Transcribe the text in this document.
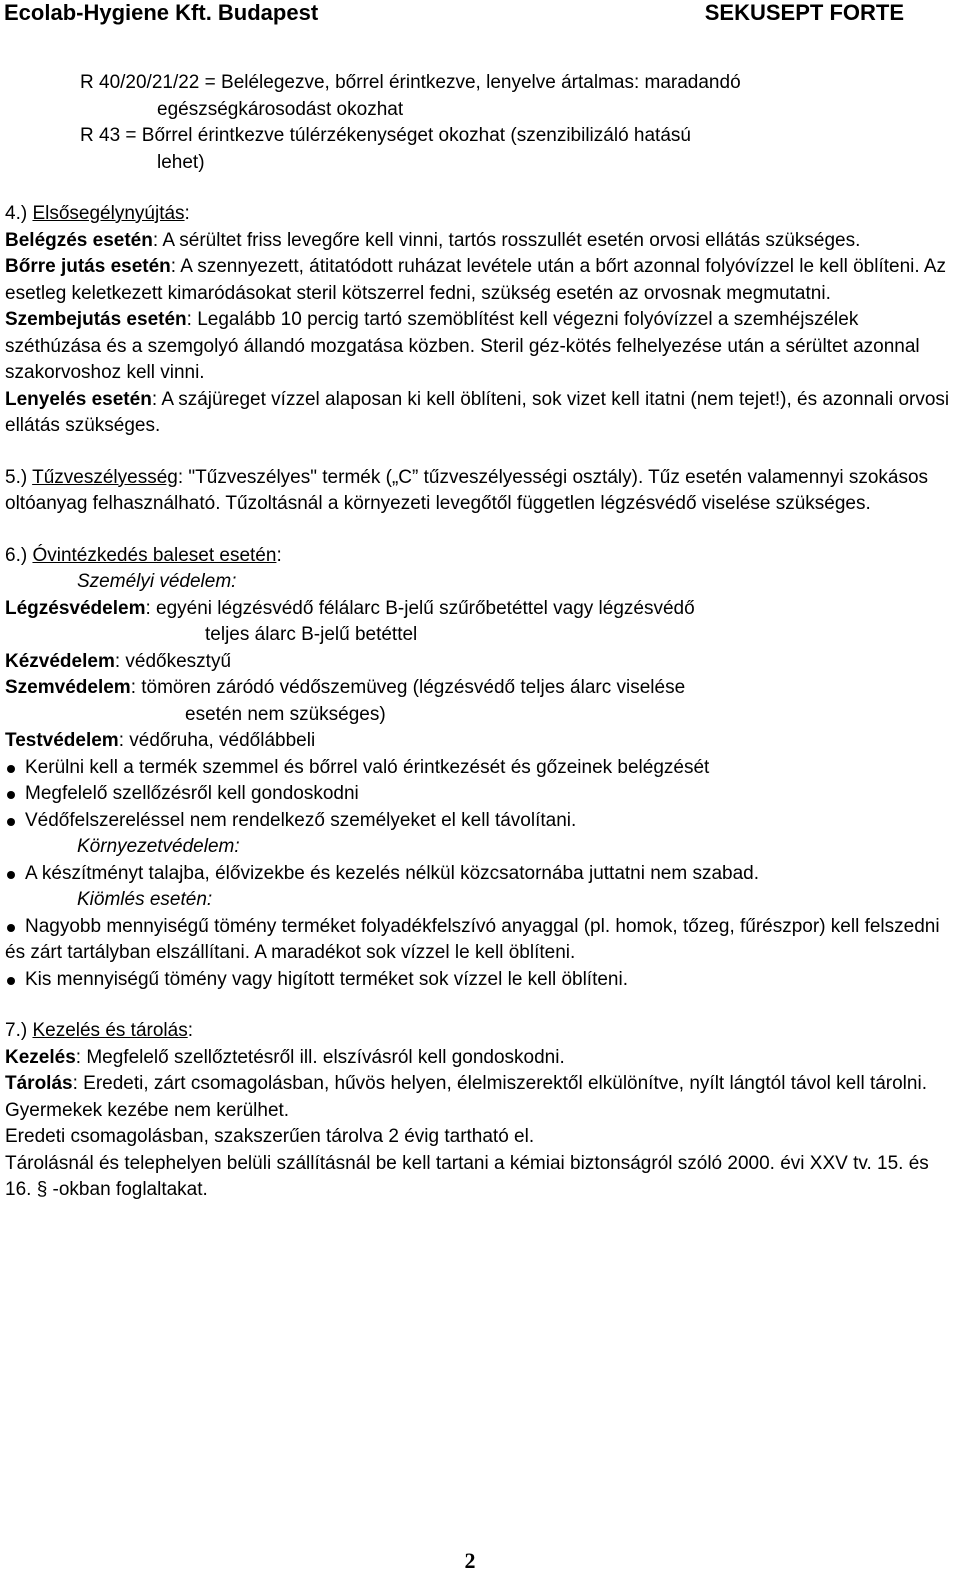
Ecolab-Hygiene Kft. Budapest	SEKUSEPT FORTE

R 40/20/21/22 = Belélegezve, bőrrel érintkezve, lenyelve ártalmas: maradandó

egészségkárosodást okozhat

R 43 = Bőrrel érintkezve túlérzékenységet okozhat (szenzibilizáló hatású

lehet)

4.) Elsősegélynyújtás:

Belégzés esetén: A sérültet friss levegőre kell vinni, tartós rosszullét esetén orvosi ellátás szükséges.

Bőrre jutás esetén: A szennyezett, átitatódott ruházat levétele után a bőrt azonnal folyóvízzel le kell öblíteni. Az esetleg keletkezett kimaródásokat steril kötszerrel fedni, szükség esetén az orvosnak megmutatni.

Szembejutás esetén: Legalább 10 percig tartó szemöblítést kell végezni folyóvízzel a szemhéjszélek széthúzása és a szemgolyó állandó mozgatása közben. Steril géz-kötés felhelyezése után a sérültet azonnal szakorvoshoz kell vinni.

Lenyelés esetén: A szájüreget vízzel alaposan ki kell öblíteni, sok vizet kell itatni (nem tejet!), és azonnali orvosi ellátás szükséges.

5.) Tűzveszélyesség: "Tűzveszélyes" termék („C” tűzveszélyességi osztály). Tűz esetén valamennyi szokásos oltóanyag felhasználható. Tűzoltásnál a környezeti levegőtől független légzésvédő viselése szükséges.

6.) Óvintézkedés baleset esetén:

Személyi védelem:

Légzésvédelem: egyéni légzésvédő félálarc B-jelű szűrőbetéttel vagy légzésvédő

teljes álarc B-jelű betéttel

Kézvédelem: védőkesztyű

Szemvédelem: tömören záródó védőszemüveg (légzésvédő teljes álarc viselése

esetén nem szükséges)

Testvédelem: védőruha, védőlábbeli

Kerülni kell a termék szemmel és bőrrel való érintkezését és gőzeinek belégzését

Megfelelő szellőzésről kell gondoskodni

Védőfelszereléssel nem rendelkező személyeket el kell távolítani.

Környezetvédelem:

A készítményt talajba, élővizekbe és kezelés nélkül közcsatornába juttatni nem szabad.

Kiömlés esetén:

Nagyobb mennyiségű tömény terméket folyadékfelszívó anyaggal (pl. homok, tőzeg, fűrészpor) kell felszedni és zárt tartályban elszállítani. A maradékot sok vízzel le kell öblíteni.

Kis mennyiségű tömény vagy higított terméket sok vízzel le kell öblíteni.

7.) Kezelés és tárolás:

Kezelés: Megfelelő szellőztetésről ill. elszívásról kell gondoskodni.

Tárolás: Eredeti, zárt csomagolásban, hűvös helyen, élelmiszerektől elkülönítve, nyílt lángtól távol kell tárolni. Gyermekek kezébe nem kerülhet.

Eredeti csomagolásban, szakszerűen tárolva 2 évig tartható el.

Tárolásnál és telephelyen belüli szállításnál be kell tartani a kémiai biztonságról szóló 2000. évi XXV tv. 15. és 16. § -okban foglaltakat.

2
